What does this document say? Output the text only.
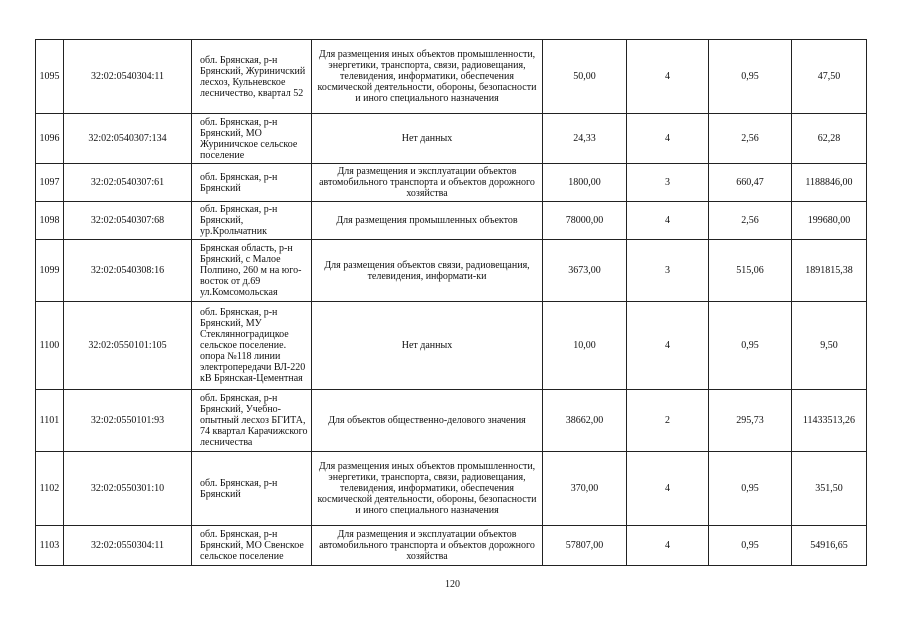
1095	32:02:0540304:11	обл. Брянская, р-н Брянский, Журиничский лесхоз, Кульневское лесничество, квартал 52	Для размещения иных объектов промышленности, энергетики, транспорта, связи, радиовещания, телевидения, информатики, обеспечения космической деятельности, обороны, безопасности и иного специального назначения	50,00	4	0,95	47,50
1096	32:02:0540307:134	обл. Брянская, р-н Брянский, МО Журиничское сельское поселение	Нет данных	24,33	4	2,56	62,28
1097	32:02:0540307:61	обл. Брянская, р-н Брянский	Для размещения и эксплуатации объектов автомобильного транспорта и объектов дорожного хозяйства	1800,00	3	660,47	1188846,00
1098	32:02:0540307:68	обл. Брянская, р-н Брянский, ур.Крольчатник	Для размещения промышленных объектов	78000,00	4	2,56	199680,00
1099	32:02:0540308:16	Брянская область, р-н Брянский, с Малое Полпино, 260 м на юго-восток от д.69 ул.Комсомольская	Для размещения объектов связи, радиовещания, телевидения, информати-ки	3673,00	3	515,06	1891815,38
1100	32:02:0550101:105	обл. Брянская, р-н Брянский, МУ Стеклянноградицкое сельское поселение. опора №118 линии электропередачи ВЛ-220 кВ Брянская-Цементная	Нет данных	10,00	4	0,95	9,50
1101	32:02:0550101:93	обл. Брянская, р-н Брянский, Учебно-опытный лесхоз БГИТА, 74 квартал Карачижского лесничества	Для объектов общественно-делового значения	38662,00	2	295,73	11433513,26
1102	32:02:0550301:10	обл. Брянская, р-н Брянский	Для размещения иных объектов промышленности, энергетики, транспорта, связи, радиовещания, телевидения, информатики, обеспечения космической деятельности, обороны, безопасности и иного специального назначения	370,00	4	0,95	351,50
1103	32:02:0550304:11	обл. Брянская, р-н Брянский, МО Свенское сельское поселение	Для размещения и эксплуатации объектов автомобильного транспорта и объектов дорожного хозяйства	57807,00	4	0,95	54916,65
120
